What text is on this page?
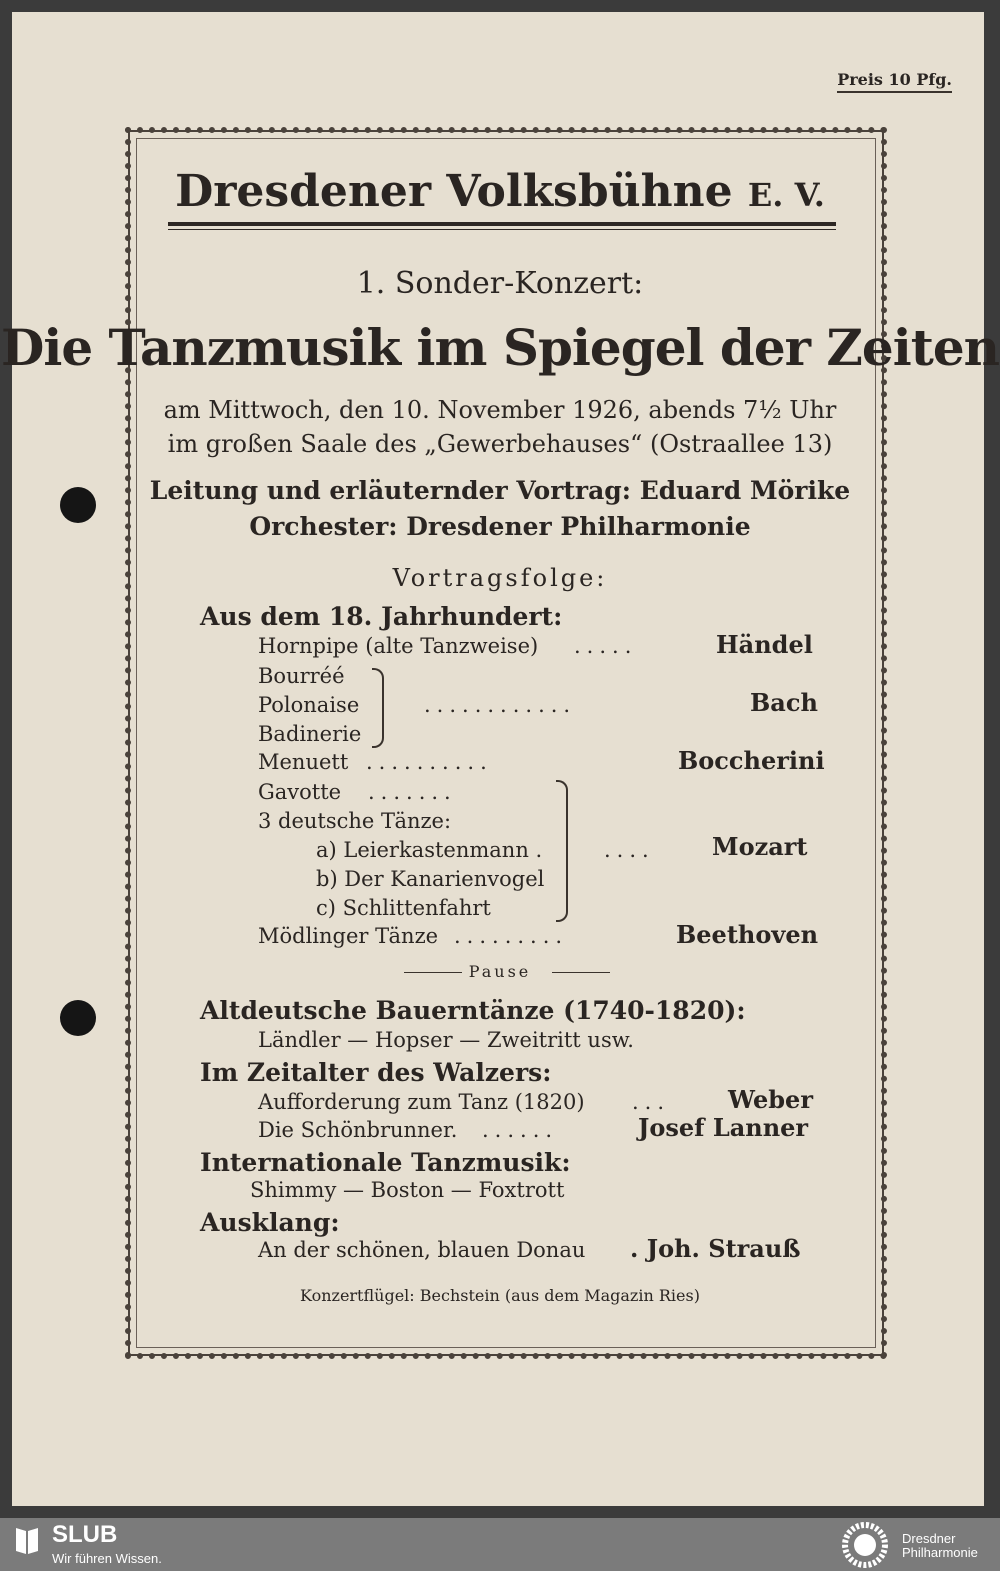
Preis 10 Pfg.
Dresdener Volksbühne E. V.
1. Sonder-Konzert:
Die Tanzmusik im Spiegel der Zeiten
am Mittwoch, den 10. November 1926, abends 7½ Uhr
im großen Saale des „Gewerbehauses“ (Ostraallee 13)
Leitung und erläuternder Vortrag: Eduard Mörike
Orchester: Dresdener Philharmonie
Vortragsfolge:
Aus dem 18. Jahrhundert:
Hornpipe (alte Tanzweise) .....	Händel
Bourréé
Polonaise
Badinerie
............	Bach
Menuett ..........	Boccherini
Gavotte .......
3 deutsche Tänze:
a) Leierkastenmann .
b) Der Kanarienvogel
c) Schlittenfahrt
.... Mozart
Mödlinger Tänze .........	Beethoven
Pause
Altdeutsche Bauerntänze (1740-1820):
Ländler — Hopser — Zweitritt usw.
Im Zeitalter des Walzers:
Aufforderung zum Tanz (1820) ... Weber
Die Schönbrunner. ......	Josef Lanner
Internationale Tanzmusik:
Shimmy — Boston — Foxtrott
Ausklang:
An der schönen, blauen Donau . Joh. Strauß
Konzertflügel: Bechstein (aus dem Magazin Ries)
SLUB
Wir führen Wissen.
Dresdner
Philharmonie
